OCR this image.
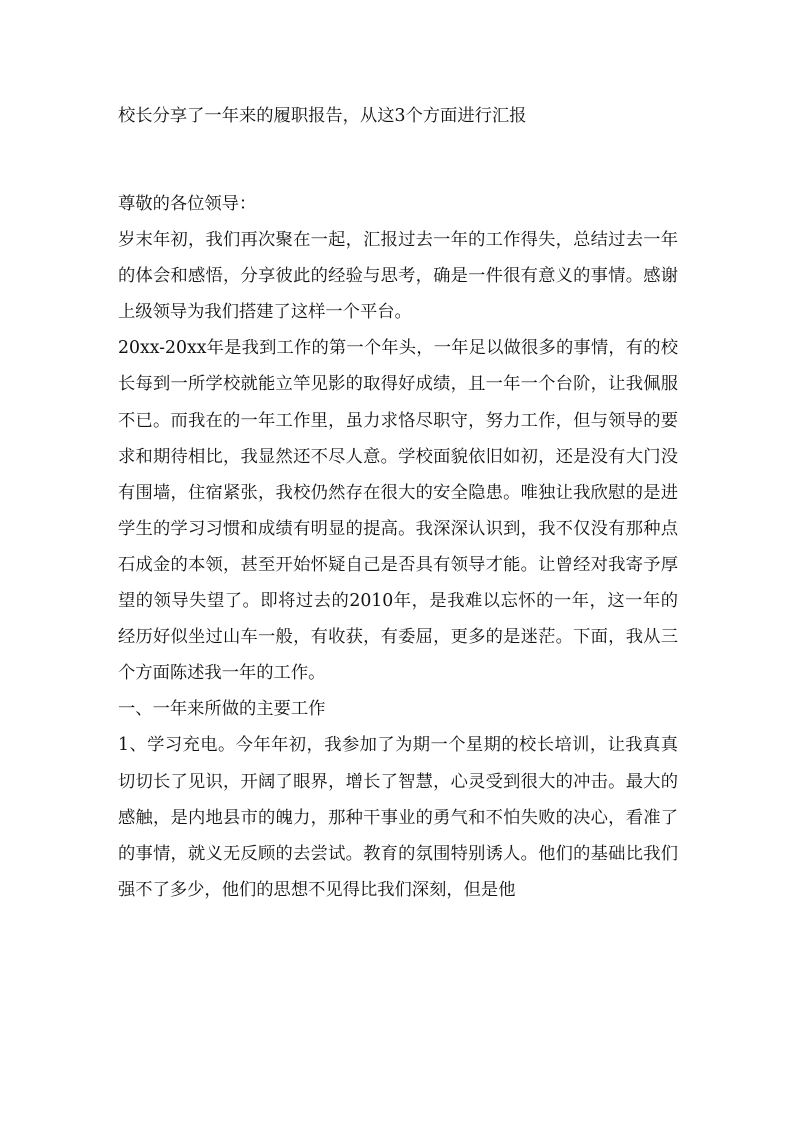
校长分享了一年来的履职报告，从这3个方面进行汇报

尊敬的各位领导：

岁末年初，我们再次聚在一起，汇报过去一年的工作得失，总结过去一年的体会和感悟，分享彼此的经验与思考，确是一件很有意义的事情。感谢上级领导为我们搭建了这样一个平台。

20xx-20xx年是我到工作的第一个年头，一年足以做很多的事情，有的校长每到一所学校就能立竿见影的取得好成绩，且一年一个台阶，让我佩服不已。而我在的一年工作里，虽力求恪尽职守，努力工作，但与领导的要求和期待相比，我显然还不尽人意。学校面貌依旧如初，还是没有大门没有围墙，住宿紧张，我校仍然存在很大的安全隐患。唯独让我欣慰的是进学生的学习习惯和成绩有明显的提高。我深深认识到，我不仅没有那种点石成金的本领，甚至开始怀疑自己是否具有领导才能。让曾经对我寄予厚望的领导失望了。即将过去的2010年，是我难以忘怀的一年，这一年的经历好似坐过山车一般，有收获，有委屈，更多的是迷茫。下面，我从三个方面陈述我一年的工作。

一、一年来所做的主要工作

1、学习充电。今年年初，我参加了为期一个星期的校长培训，让我真真切切长了见识，开阔了眼界，增长了智慧，心灵受到很大的冲击。最大的感触，是内地县市的魄力，那种干事业的勇气和不怕失败的决心，看准了的事情，就义无反顾的去尝试。教育的氛围特别诱人。他们的基础比我们强不了多少，他们的思想不见得比我们深刻，但是他
